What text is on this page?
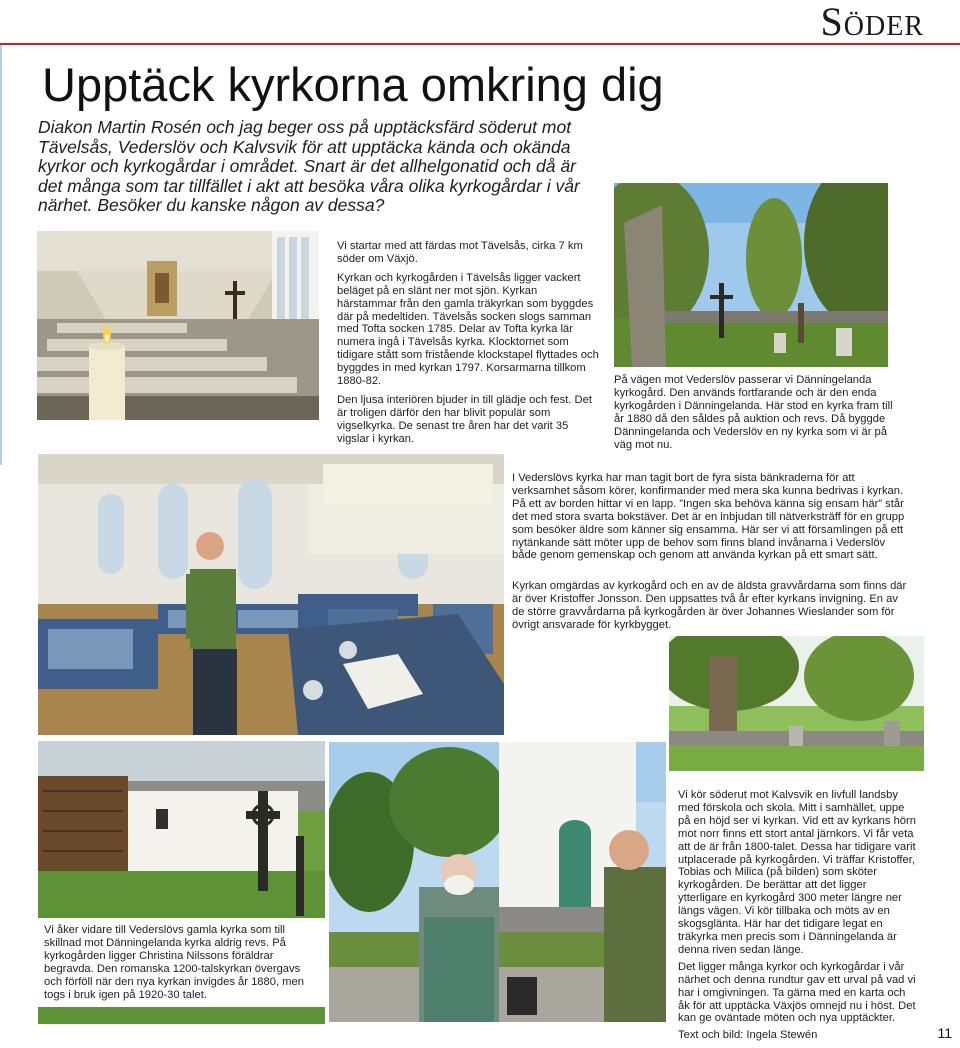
Söder
Upptäck kyrkorna omkring dig

Diakon Martin Rosén och jag beger oss på upptäcksfärd söderut mot Tävelsås, Vederslöv och Kalvsvik för att upptäcka kända och okända kyrkor och kyrkogårdar i området. Snart är det allhelgonatid och då är det många som tar tillfället i akt att besöka våra olika kyrkogårdar i vår närhet. Besöker du kanske någon av dessa?

Vi startar med att färdas mot Tävelsås, cirka 7 km söder om Växjö.

Kyrkan och kyrkogården i Tävelsås ligger vackert beläget på en slänt ner mot sjön. Kyrkan härstammar från den gamla träkyrkan som byggdes där på medeltiden. Tävelsås socken slogs samman med Tofta socken 1785. Delar av Tofta kyrka lär numera ingå i Tävelsås kyrka. Klocktornet som tidigare stått som fristående klockstapel flyttades och byggdes in med kyrkan 1797. Korsarmarna tillkom 1880-82.

Den ljusa interiören bjuder in till glädje och fest. Det är troligen därför den har blivit populär som vigselkyrka. De senast tre åren har det varit 35 vigslar i kyrkan.

På vägen mot Vederslöv passerar vi Dänningelanda kyrkogård. Den används fortfarande och är den enda kyrkogården i Dänningelanda. Här stod en kyrka fram till år 1880 då den såldes på auktion och revs. Då byggde Dänningelanda och Vederslöv en ny kyrka som vi är på väg mot nu.

I Vederslövs kyrka har man tagit bort de fyra sista bänkraderna för att verksamhet såsom körer, konfirmander med mera ska kunna bedrivas i kyrkan. På ett av borden hittar vi en lapp. ”Ingen ska behöva känna sig ensam här” står det med stora svarta bokstäver. Det är en inbjudan till nätverksträff för en grupp som besöker äldre som känner sig ensamma. Här ser vi att församlingen på ett nytänkande sätt möter upp de behov som finns bland invånarna i Vederslöv både genom gemenskap och genom att använda kyrkan på ett smart sätt.

Kyrkan omgärdas av kyrkogård och en av de äldsta gravvårdarna som finns där är över Kristoffer Jonsson. Den uppsattes två år efter kyrkans invigning. En av de större gravvårdarna på kyrkogården är över Johannes Wieslander som för övrigt ansvarade för kyrkbygget.

Vi åker vidare till Vederslövs gamla kyrka som till skillnad mot Dänningelanda kyrka aldrig revs. På kyrkogården ligger Christina Nilssons föräldrar begravda. Den romanska 1200-talskyrkan övergavs och förföll när den nya kyrkan invigdes år 1880, men togs i bruk igen på 1920-30 talet.

Vi kör söderut mot Kalvsvik en livfull landsby med förskola och skola. Mitt i samhället, uppe på en höjd ser vi kyrkan. Vid ett av kyrkans hörn mot norr finns ett stort antal järnkors. Vi får veta att de är från 1800-talet. Dessa har tidigare varit utplacerade på kyrkogården. Vi träffar Kristoffer, Tobias och Milica (på bilden) som sköter kyrkogården. De berättar att det ligger ytterligare en kyrkogård 300 meter längre ner längs vägen. Vi kör tillbaka och möts av en skogsglänta. Här har det tidigare legat en träkyrka men precis som i Dänningelanda är denna riven sedan länge.

Det ligger många kyrkor och kyrkogårdar i vår närhet och denna rundtur gav ett urval på vad vi har i omgivningen. Ta gärna med en karta och åk för att upptäcka Växjös omnejd nu i höst. Det kan ge oväntade möten och nya upptäckter.

Text och bild: Ingela Stewén	11
